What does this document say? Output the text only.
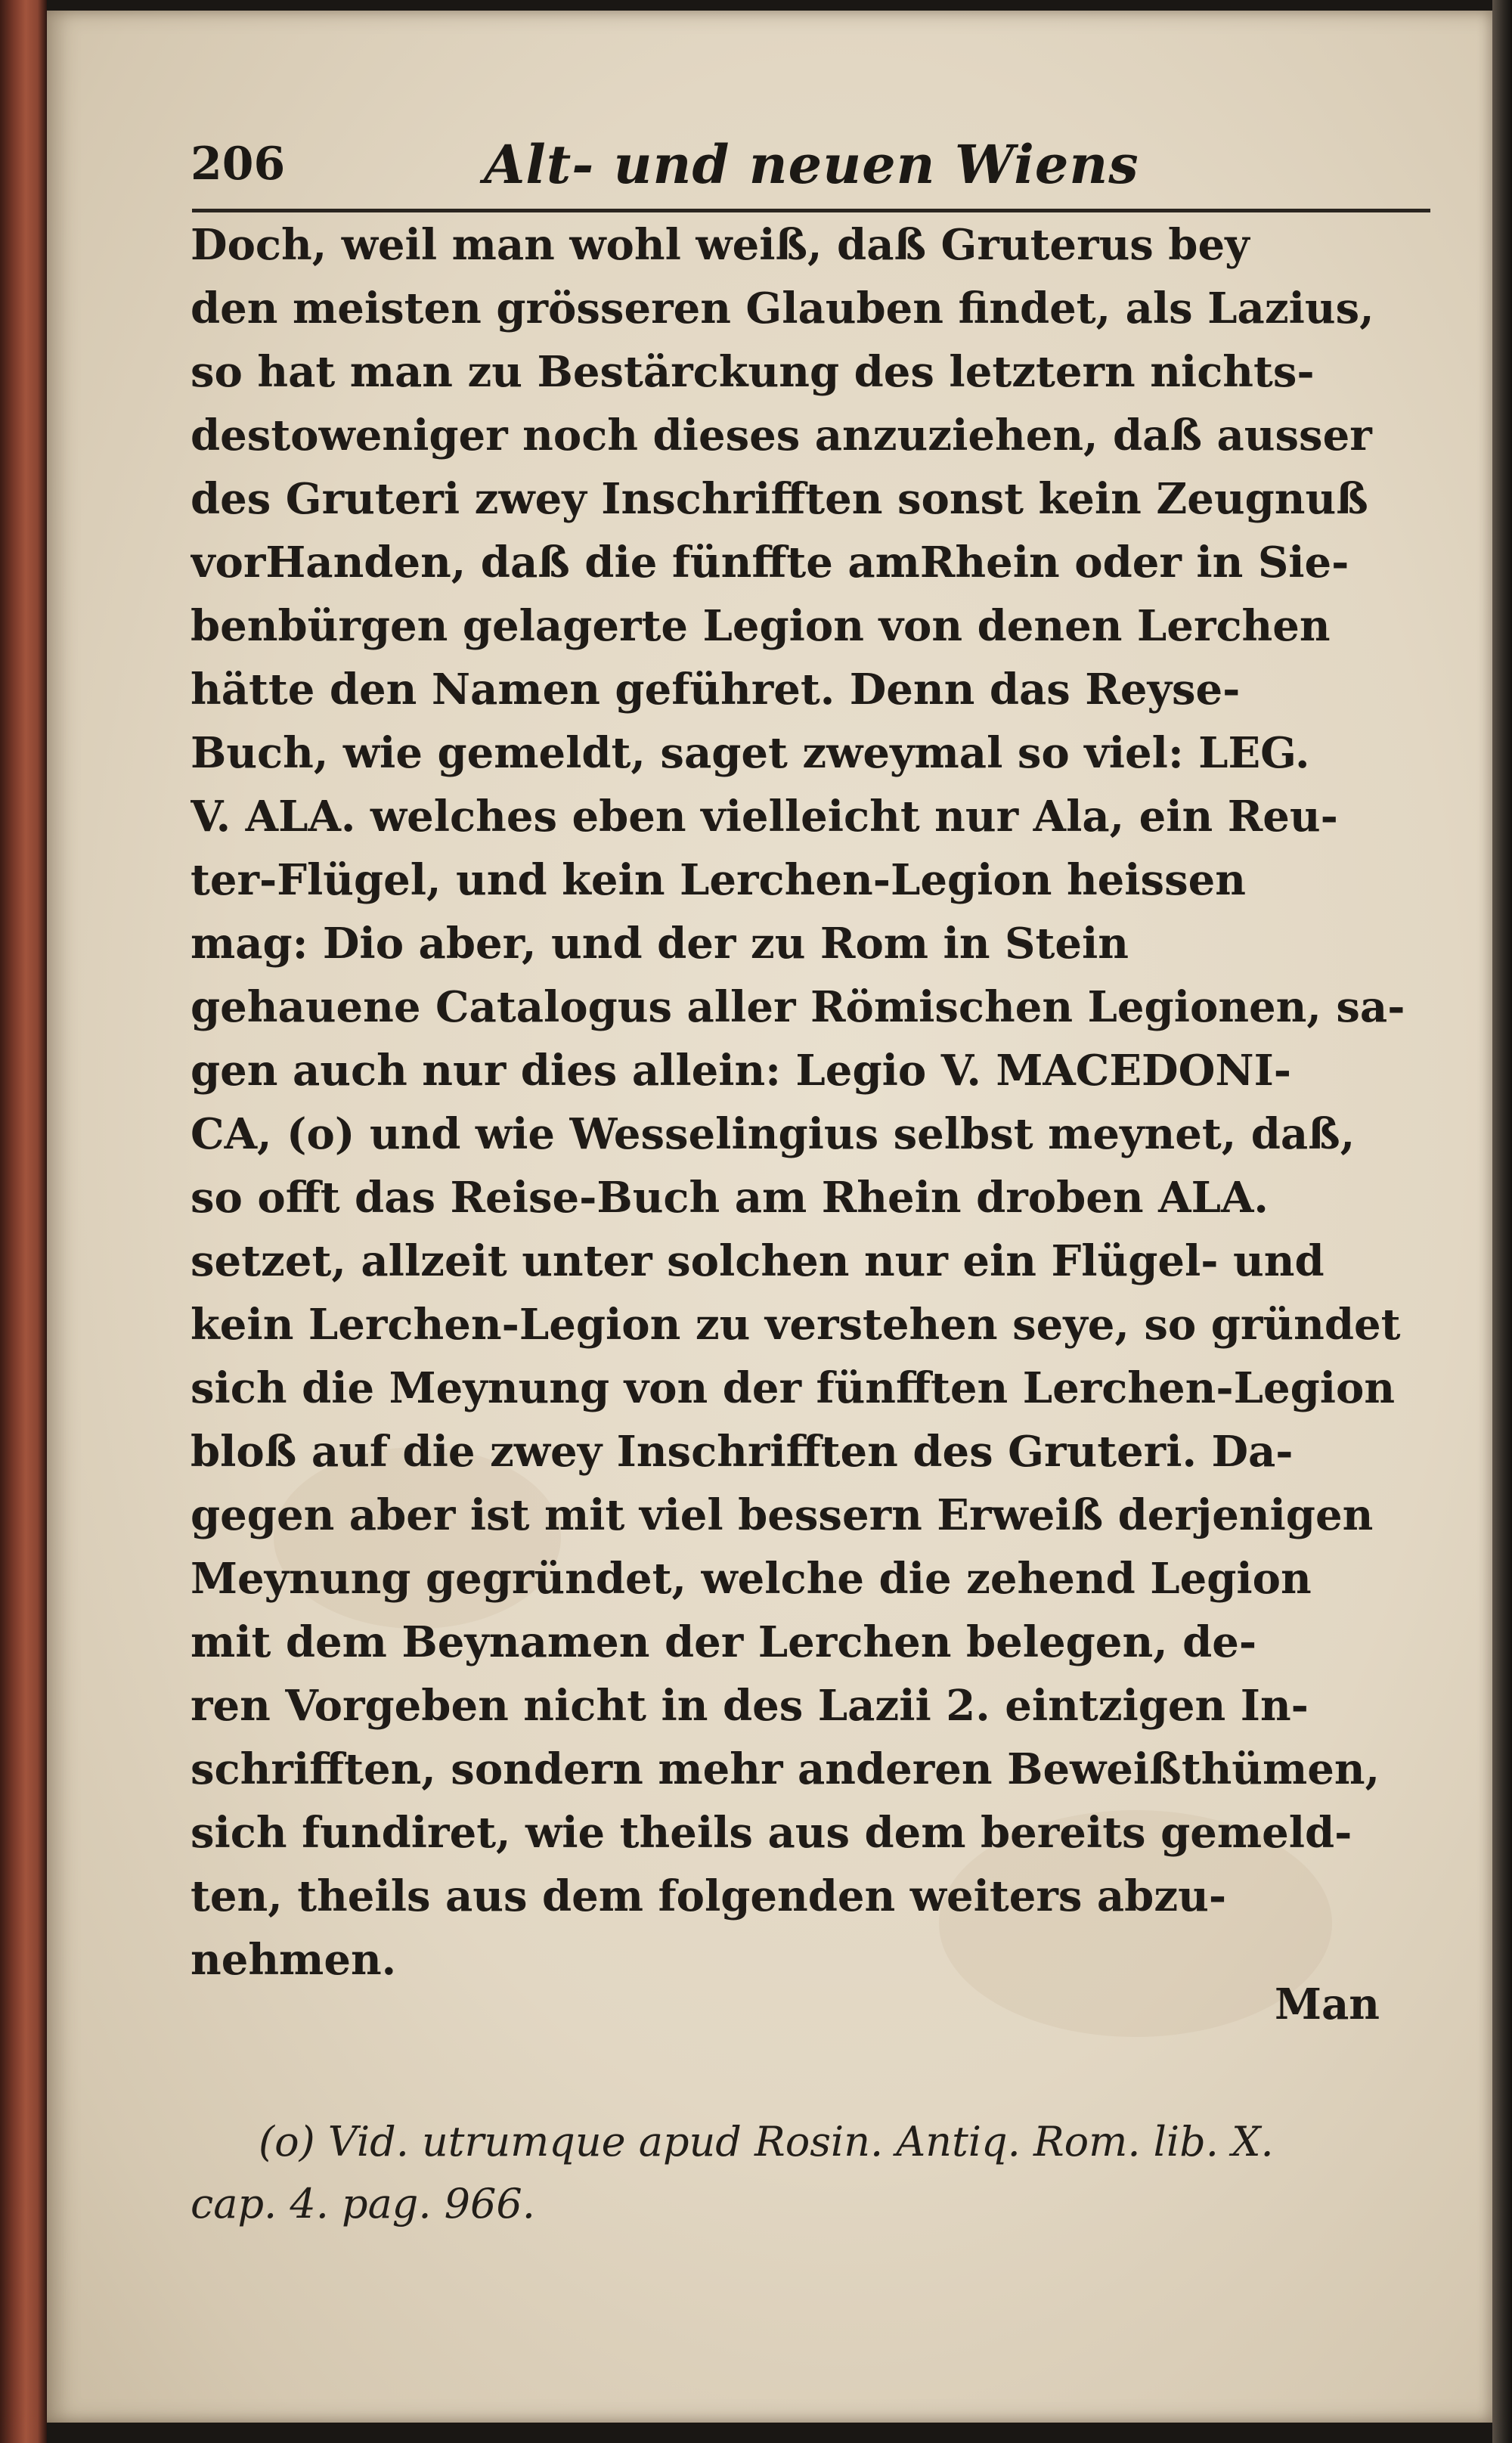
206	Alt- und neuen Wiens
Doch, weil man wohl weiß, daß Gruterus bey
den meisten grösseren Glauben findet, als Lazius,
so hat man zu Bestärckung des letztern nichts-
destoweniger noch dieses anzuziehen, daß ausser
des Gruteri zwey Inschrifften sonst kein Zeugnuß
vorHanden, daß die fünffte amRhein oder in Sie-
benbürgen gelagerte Legion von denen Lerchen
hätte den Namen geführet. Denn das Reyse-
Buch, wie gemeldt, saget zweymal so viel: LEG.
V. ALA. welches eben vielleicht nur Ala, ein Reu-
ter-Flügel, und kein Lerchen-Legion heissen
mag: Dio aber, und der zu Rom in Stein
gehauene Catalogus aller Römischen Legionen, sa-
gen auch nur dies allein: Legio V. MACEDONI-
CA, (o) und wie Wesselingius selbst meynet, daß,
so offt das Reise-Buch am Rhein droben ALA.
setzet, allzeit unter solchen nur ein Flügel- und
kein Lerchen-Legion zu verstehen seye, so gründet
sich die Meynung von der fünfften Lerchen-Legion
bloß auf die zwey Inschrifften des Gruteri. Da-
gegen aber ist mit viel bessern Erweiß derjenigen
Meynung gegründet, welche die zehend Legion
mit dem Beynamen der Lerchen belegen, de-
ren Vorgeben nicht in des Lazii 2. eintzigen In-
schrifften, sondern mehr anderen Beweißthümen,
sich fundiret, wie theils aus dem bereits gemeld-
ten, theils aus dem folgenden weiters abzu-
nehmen.
Man
(o) Vid. utrumque apud Rosin. Antiq. Rom. lib. X.
cap. 4. pag. 966.
